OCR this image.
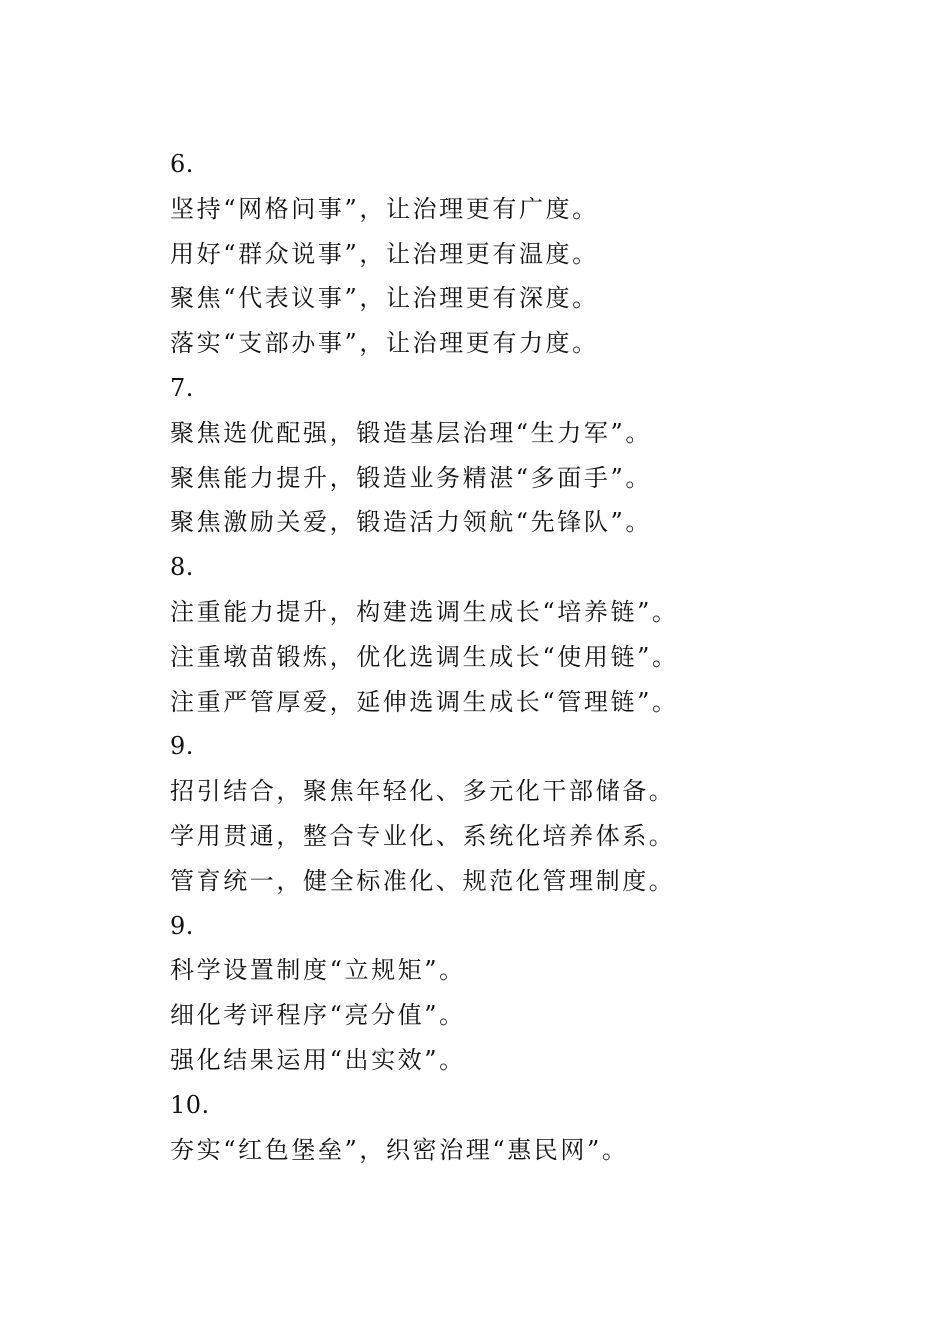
6.
坚持“网格问事”，让治理更有广度。
用好“群众说事”，让治理更有温度。
聚焦“代表议事”，让治理更有深度。
落实“支部办事”，让治理更有力度。
7.
聚焦选优配强，锻造基层治理“生力军”。
聚焦能力提升，锻造业务精湛“多面手”。
聚焦激励关爱，锻造活力领航“先锋队”。
8.
注重能力提升，构建选调生成长“培养链”。
注重墩苗锻炼，优化选调生成长“使用链”。
注重严管厚爱，延伸选调生成长“管理链”。
9.
招引结合，聚焦年轻化、多元化干部储备。
学用贯通，整合专业化、系统化培养体系。
管育统一，健全标准化、规范化管理制度。
9.
科学设置制度“立规矩”。
细化考评程序“亮分值”。
强化结果运用“出实效”。
10.
夯实“红色堡垒”，织密治理“惠民网”。
